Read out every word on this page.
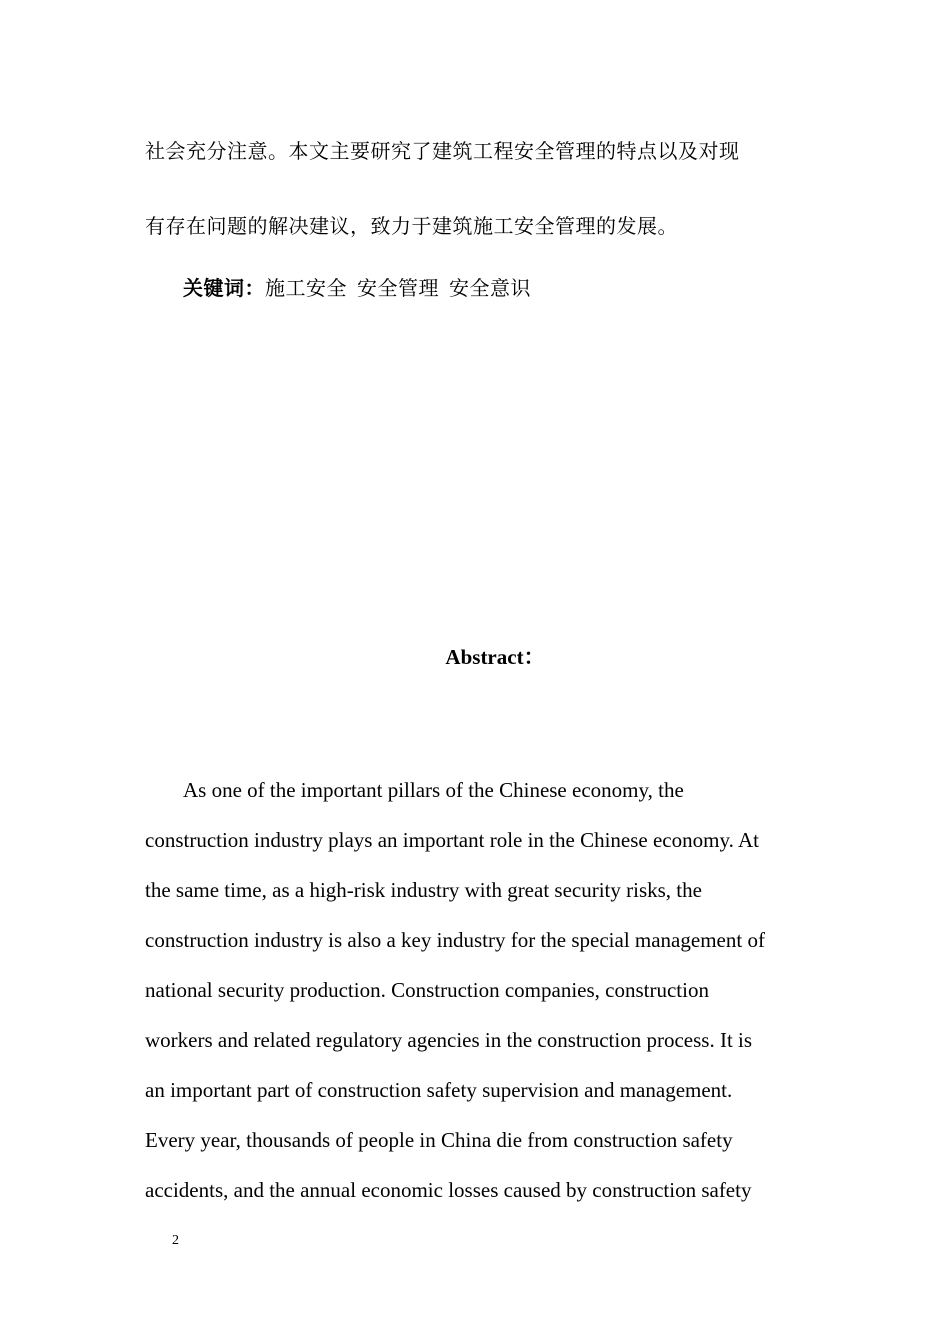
社会充分注意。本文主要研究了建筑工程安全管理的特点以及对现
有存在问题的解决建议，致力于建筑施工安全管理的发展。
关键词：施工安全 安全管理 安全意识
Abstract：
As one of the important pillars of the Chinese economy, the
construction industry plays an important role in the Chinese economy. At
the same time, as a high-risk industry with great security risks, the
construction industry is also a key industry for the special management of
national security production. Construction companies, construction
workers and related regulatory agencies in the construction process. It is
an important part of construction safety supervision and management.
Every year, thousands of people in China die from construction safety
accidents, and the annual economic losses caused by construction safety
2
